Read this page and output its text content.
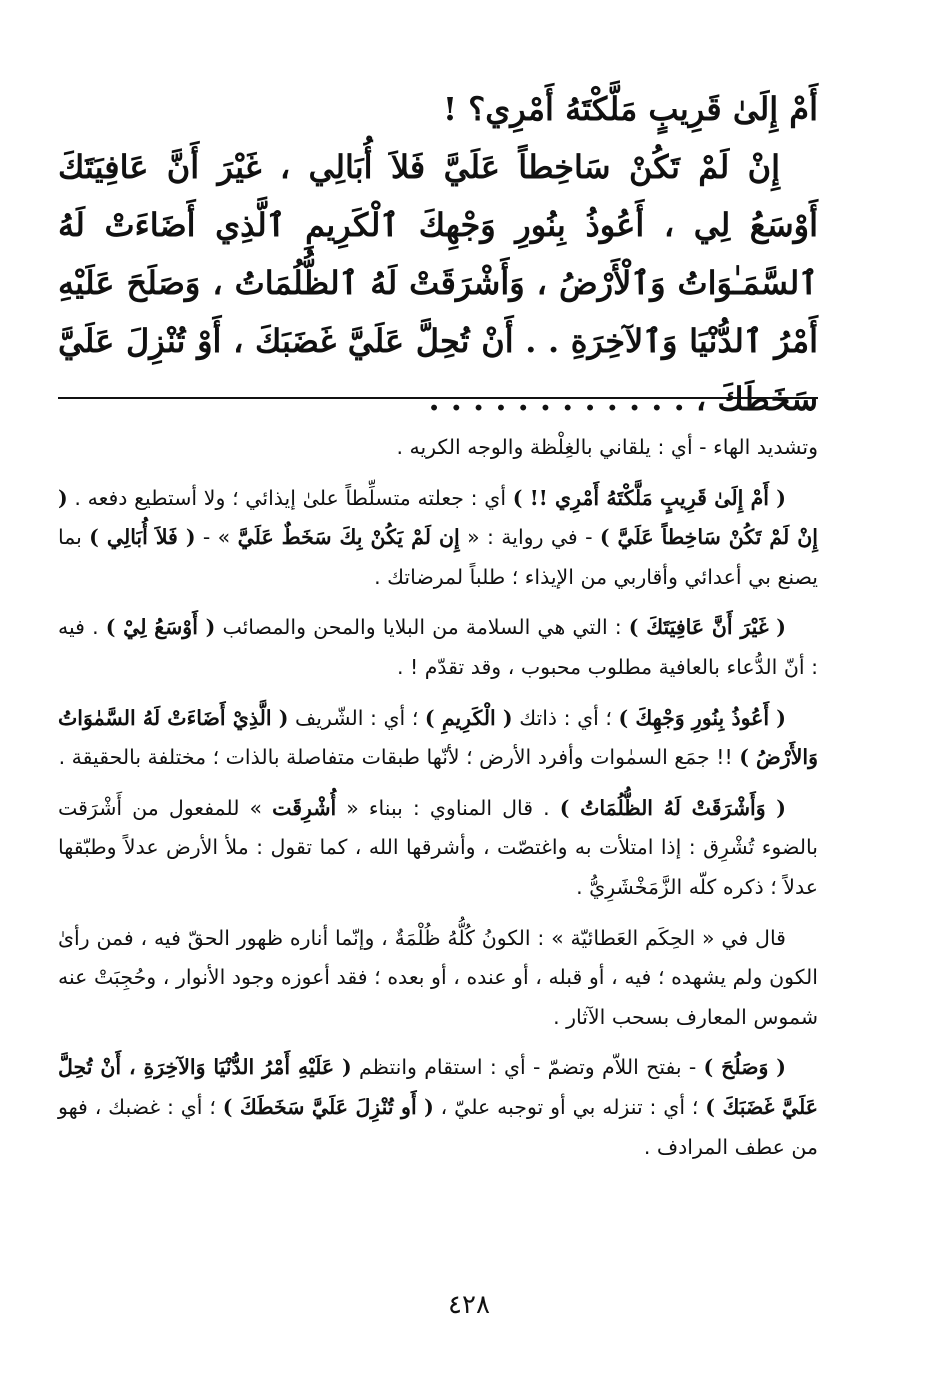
أَمْ إِلَىٰ قَرِيبٍ مَلَّكْتَهُ أَمْرِي؟ !

إِنْ لَمْ تَكُنْ سَاخِطاً عَلَيَّ فَلاَ أُبَالِي ، غَيْرَ أَنَّ عَافِيَتَكَ أَوْسَعُ لِي ، أَعُوذُ بِنُورِ وَجْهِكَ ٱلْكَرِيمِ ٱلَّذِي أَضَاءَتْ لَهُ ٱلسَّمَـٰوَاتُ وَٱلْأَرْضُ ، وَأَشْرَقَتْ لَهُ ٱلظُّلُمَاتُ ، وَصَلَحَ عَلَيْهِ أَمْرُ ٱلدُّنْيَا وَٱلآخِرَةِ . . أَنْ تُحِلَّ عَلَيَّ غَضَبَكَ ، أَوْ تُنْزِلَ عَلَيَّ سَخَطَكَ ، . . . . . . . . . . . .

وتشديد الهاء - أي : يلقاني بالغِلْظة والوجه الكريه .

( أَمْ إِلَىٰ قَرِيبٍ مَلَّكْتَهُ أَمْرِي !! ) أي : جعلته متسلِّطاً علىٰ إيذائي ؛ ولا أستطيع دفعه . ( إِنْ لَمْ تَكُنْ سَاخِطاً عَلَيَّ ) - في رواية : « إِن لَمْ يَكُنْ بِكَ سَخَطٌ عَلَيَّ » - ( فَلاَ أُبَالِي ) بما يصنع بي أعدائي وأقاربي من الإيذاء ؛ طلباً لمرضاتك .

( غَيْرَ أَنَّ عَافِيَتَكَ ) : التي هي السلامة من البلايا والمحن والمصائب ( أَوْسَعُ لِيْ ) . فيه : أنّ الدُّعاء بالعافية مطلوب محبوب ، وقد تقدّم ! .

( أَعُوذُ بِنُورِ وَجْهِكَ ) ؛ أي : ذاتك ( الْكَرِيمِ ) ؛ أي : الشّريف ( الَّذِيْ أَضَاءَتْ لَهُ السَّمٰوَاتُ وَالأَرْضُ ) !! جمَع السمٰوات وأفرد الأرض ؛ لأنّها طبقات متفاصلة بالذات ؛ مختلفة بالحقيقة .

( وَأَشْرَقَتْ لَهُ الظُّلُمَاتُ ) . قال المناوي : ببناء « أُشْرِقَت » للمفعول من أَشْرَقت بالضوء تُشْرِق : إذا امتلأت به واغتصّت ، وأشرقها الله ، كما تقول : ملأ الأرض عدلاً وطبّقها عدلاً ؛ ذكره كلّه الزَّمَخْشَرِيُّ .

قال في « الحِكَم العَطائيّة » : الكونُ كُلُّهُ ظُلْمَةٌ ، وإنّما أناره ظهور الحقّ فيه ، فمن رأىٰ الكون ولم يشهده ؛ فيه ، أو قبله ، أو عنده ، أو بعده ؛ فقد أعوزه وجود الأنوار ، وحُجِبَتْ عنه شموس المعارف بسحب الآثار .

( وَصَلُحَ ) - بفتح اللاّم وتضمّ - أي : استقام وانتظم ( عَلَيْهِ أَمْرُ الدُّنْيَا وَالآخِرَةِ ، أَنْ تُحِلَّ عَلَيَّ غَضَبَكَ ) ؛ أي : تنزله بي أو توجبه عليّ ، ( أَو تُنْزِلَ عَلَيَّ سَخَطَكَ ) ؛ أي : غضبك ، فهو من عطف المرادف .

٤٢٨
